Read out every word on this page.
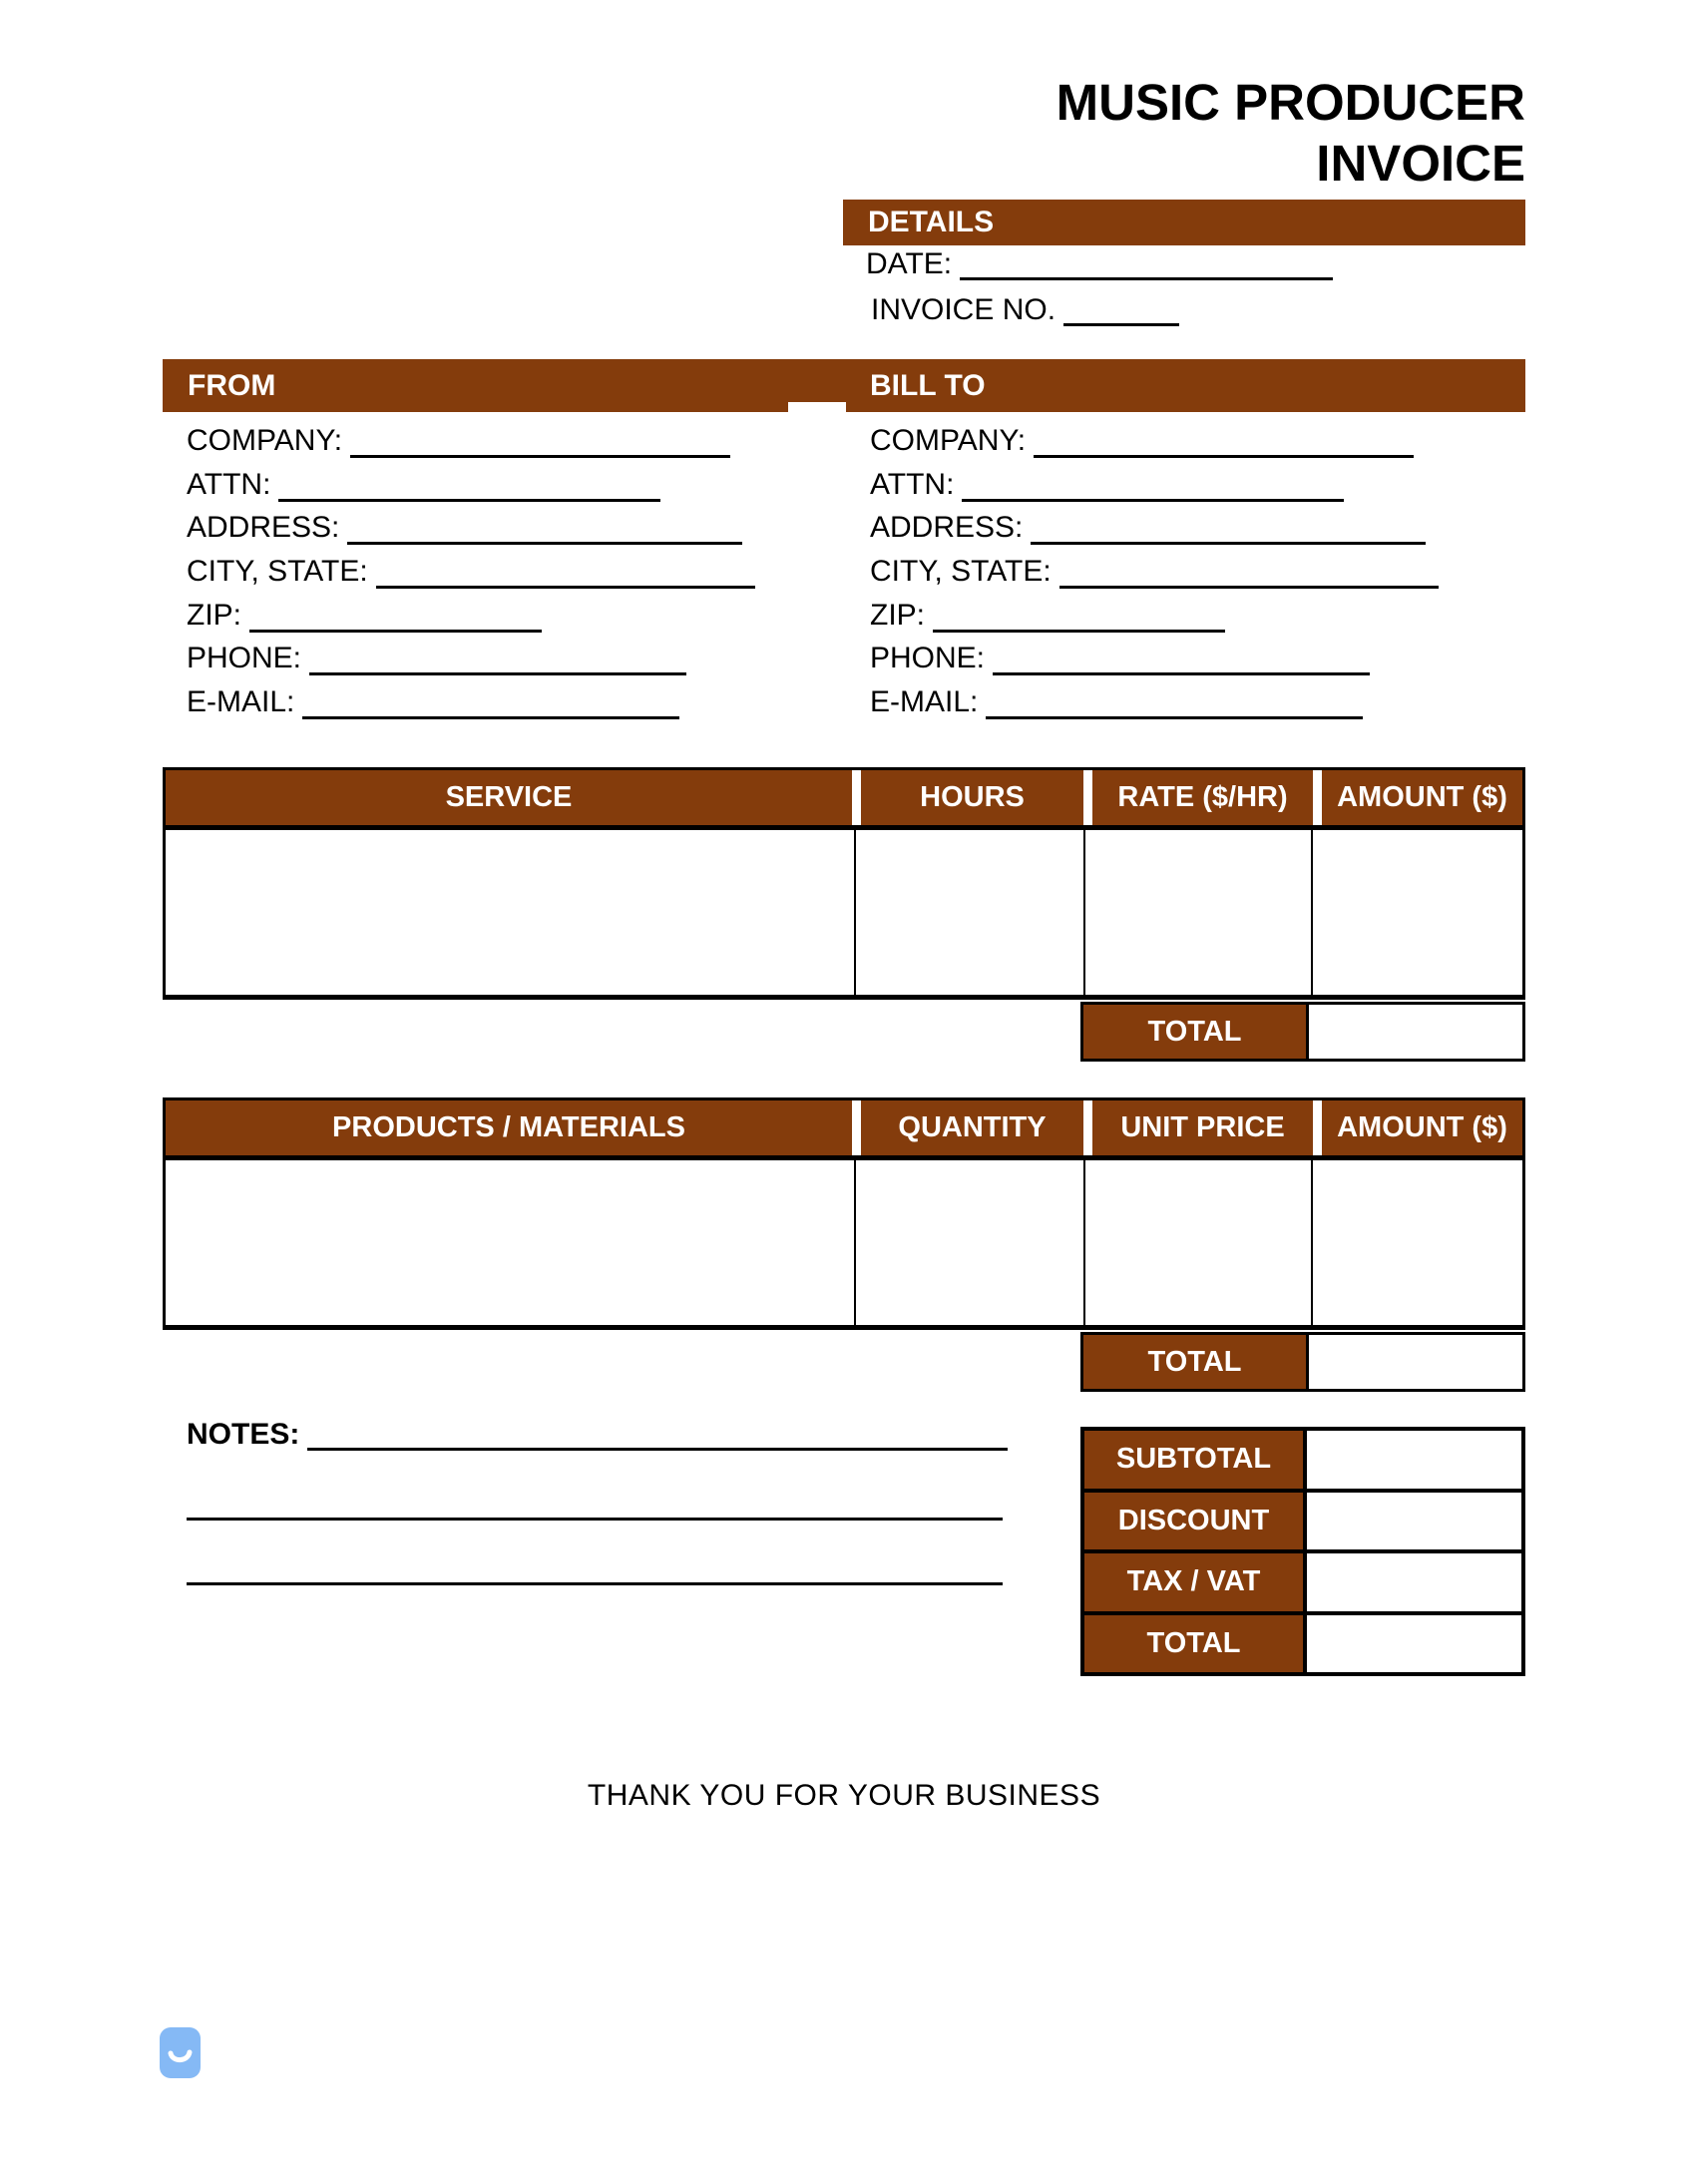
MUSIC PRODUCER
INVOICE
DETAILS
DATE:
INVOICE NO.
FROM	BILL TO
COMPANY:
ATTN:
ADDRESS:
CITY, STATE:
ZIP:
PHONE:
E-MAIL:
COMPANY:
ATTN:
ADDRESS:
CITY, STATE:
ZIP:
PHONE:
E-MAIL:
SERVICE	HOURS	RATE ($/HR)	AMOUNT ($)
TOTAL
PRODUCTS / MATERIALS	QUANTITY	UNIT PRICE	AMOUNT ($)
TOTAL
NOTES:
SUBTOTAL
DISCOUNT
TAX / VAT
TOTAL
THANK YOU FOR YOUR BUSINESS
